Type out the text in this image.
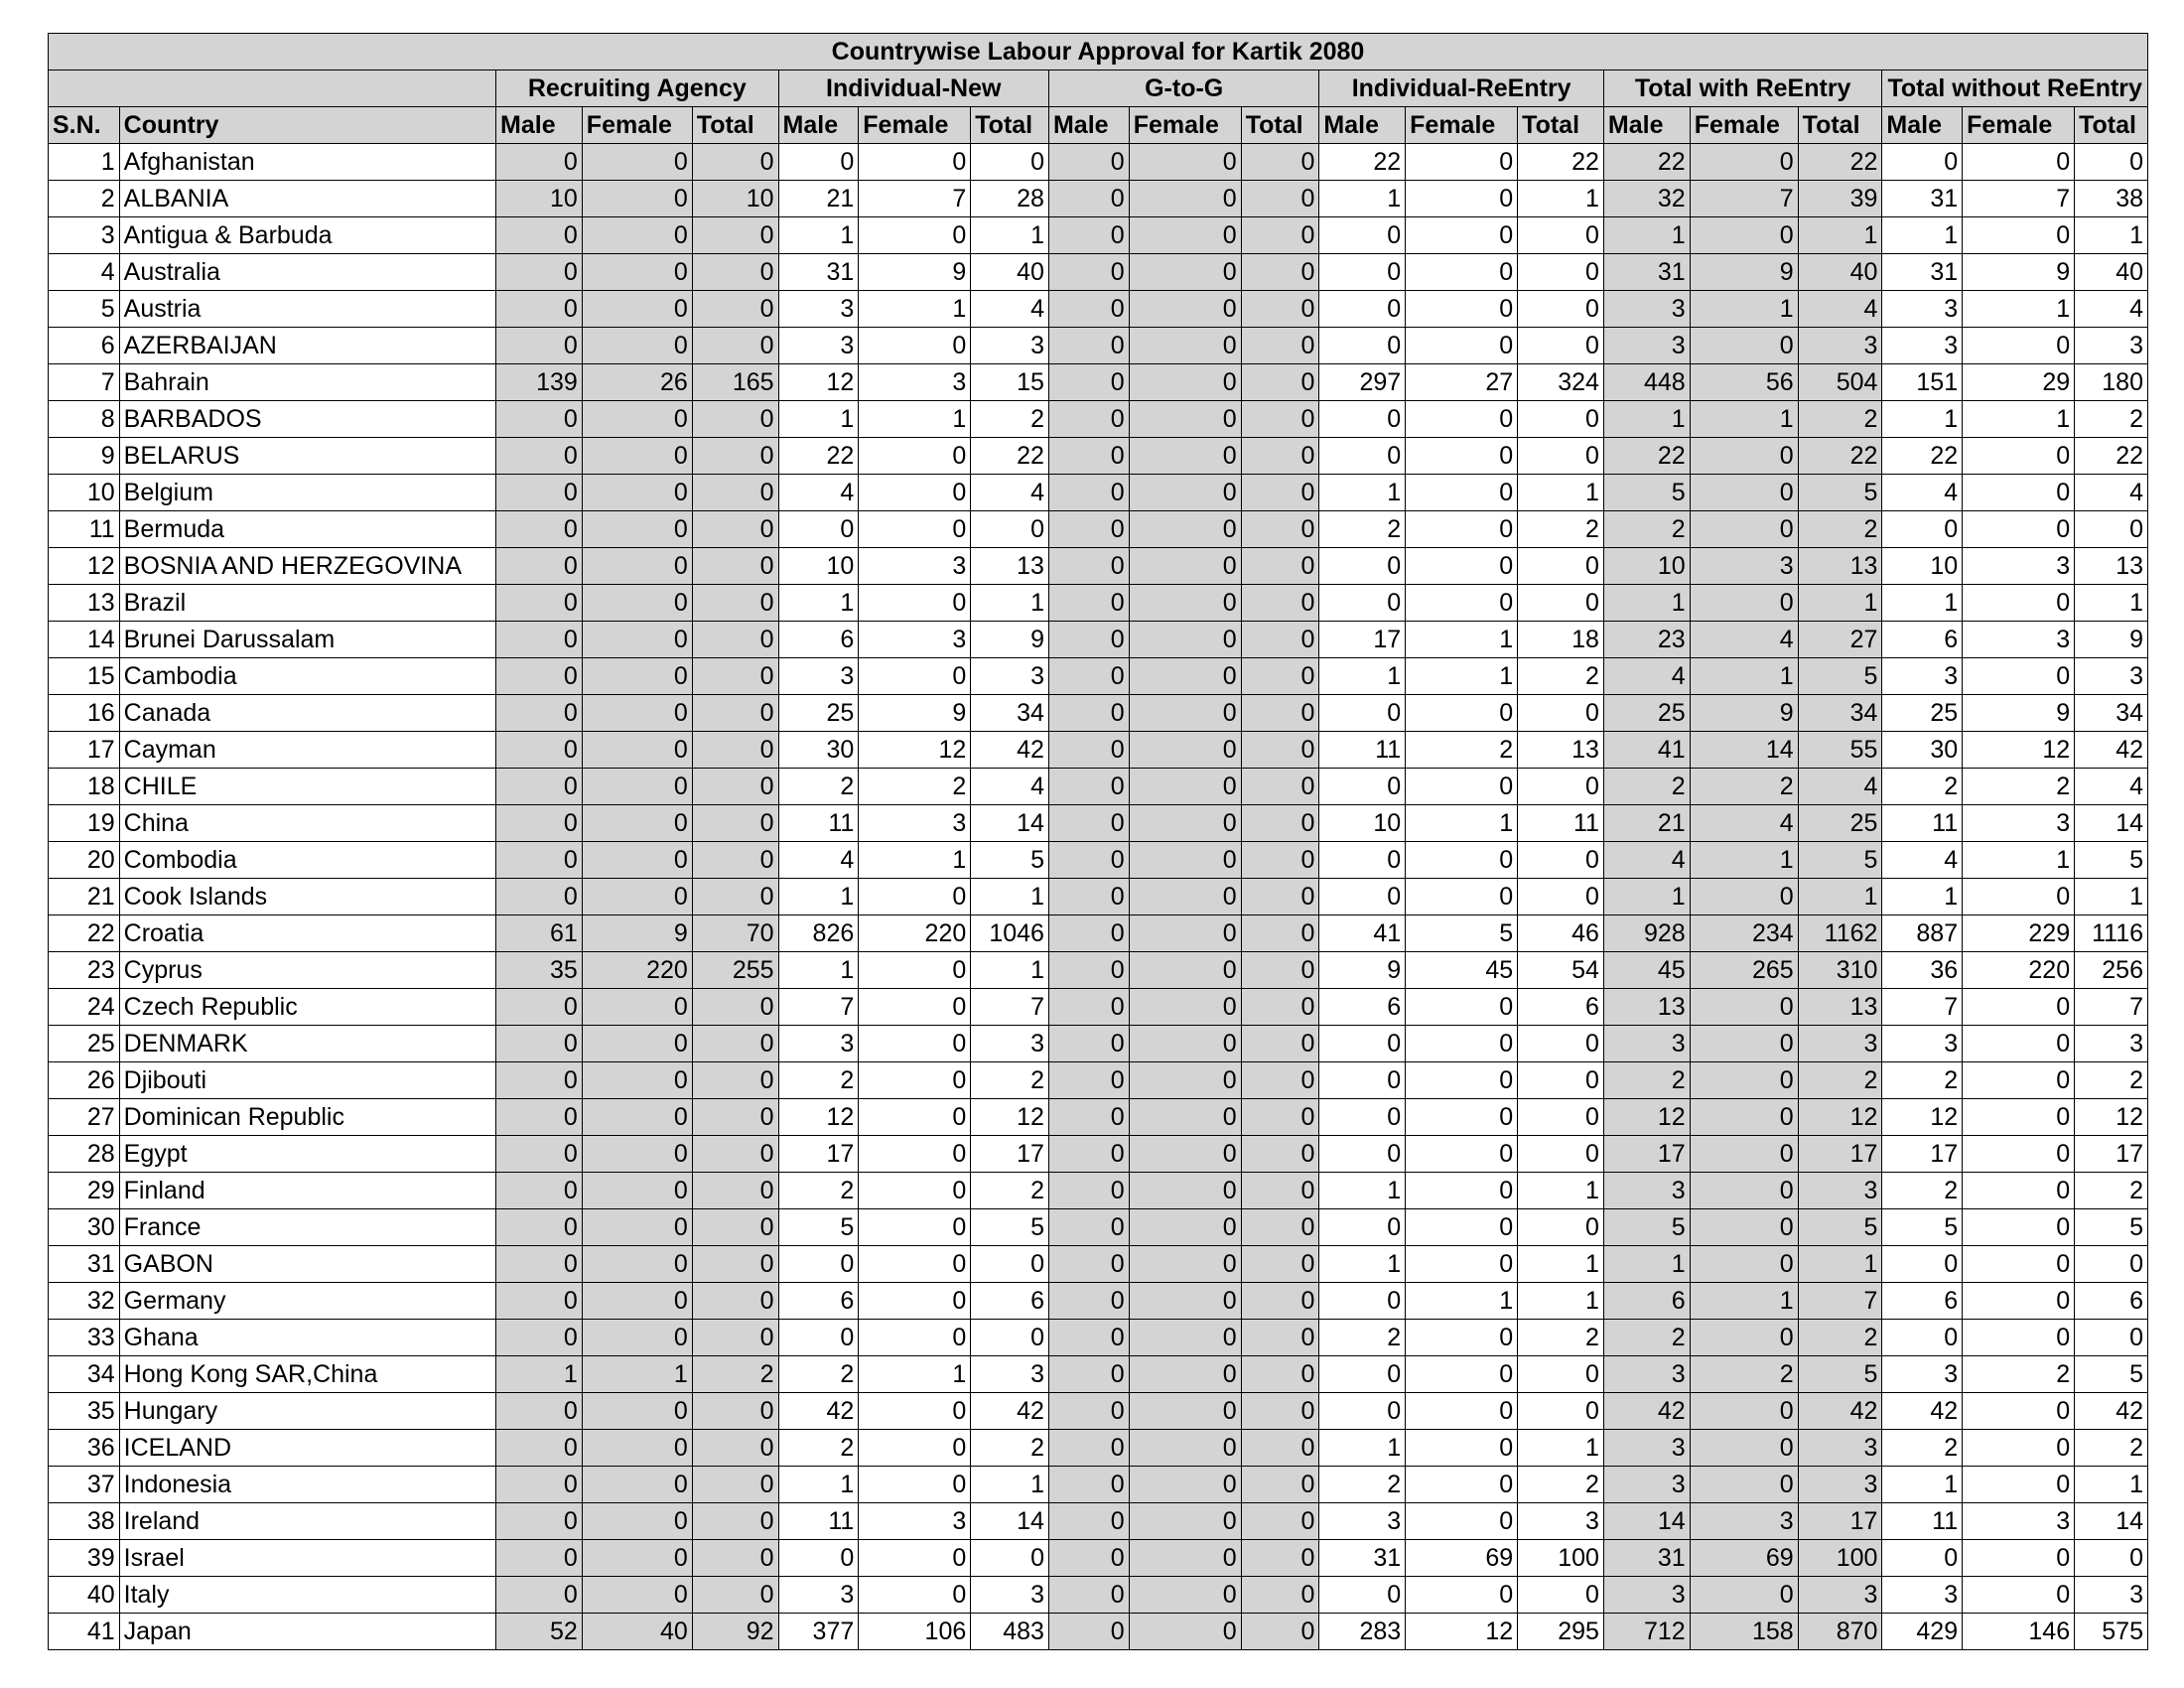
Countrywise Labour Approval for Kartik 2080																			
		Recruiting Agency			Individual-New			G-to-G			Individual-ReEntry			Total with ReEntry			Total without ReEntry		
S.N.	Country	Male	Female	Total	Male	Female	Total	Male	Female	Total	Male	Female	Total	Male	Female	Total	Male	Female	Total
1	Afghanistan	0	0	0	0	0	0	0	0	0	22	0	22	22	0	22	0	0	0
2	ALBANIA	10	0	10	21	7	28	0	0	0	1	0	1	32	7	39	31	7	38
3	Antigua & Barbuda	0	0	0	1	0	1	0	0	0	0	0	0	1	0	1	1	0	1
4	Australia	0	0	0	31	9	40	0	0	0	0	0	0	31	9	40	31	9	40
5	Austria	0	0	0	3	1	4	0	0	0	0	0	0	3	1	4	3	1	4
6	AZERBAIJAN	0	0	0	3	0	3	0	0	0	0	0	0	3	0	3	3	0	3
7	Bahrain	139	26	165	12	3	15	0	0	0	297	27	324	448	56	504	151	29	180
8	BARBADOS	0	0	0	1	1	2	0	0	0	0	0	0	1	1	2	1	1	2
9	BELARUS	0	0	0	22	0	22	0	0	0	0	0	0	22	0	22	22	0	22
10	Belgium	0	0	0	4	0	4	0	0	0	1	0	1	5	0	5	4	0	4
11	Bermuda	0	0	0	0	0	0	0	0	0	2	0	2	2	0	2	0	0	0
12	BOSNIA AND HERZEGOVINA	0	0	0	10	3	13	0	0	0	0	0	0	10	3	13	10	3	13
13	Brazil	0	0	0	1	0	1	0	0	0	0	0	0	1	0	1	1	0	1
14	Brunei Darussalam	0	0	0	6	3	9	0	0	0	17	1	18	23	4	27	6	3	9
15	Cambodia	0	0	0	3	0	3	0	0	0	1	1	2	4	1	5	3	0	3
16	Canada	0	0	0	25	9	34	0	0	0	0	0	0	25	9	34	25	9	34
17	Cayman	0	0	0	30	12	42	0	0	0	11	2	13	41	14	55	30	12	42
18	CHILE	0	0	0	2	2	4	0	0	0	0	0	0	2	2	4	2	2	4
19	China	0	0	0	11	3	14	0	0	0	10	1	11	21	4	25	11	3	14
20	Combodia	0	0	0	4	1	5	0	0	0	0	0	0	4	1	5	4	1	5
21	Cook Islands	0	0	0	1	0	1	0	0	0	0	0	0	1	0	1	1	0	1
22	Croatia	61	9	70	826	220	1046	0	0	0	41	5	46	928	234	1162	887	229	1116
23	Cyprus	35	220	255	1	0	1	0	0	0	9	45	54	45	265	310	36	220	256
24	Czech Republic	0	0	0	7	0	7	0	0	0	6	0	6	13	0	13	7	0	7
25	DENMARK	0	0	0	3	0	3	0	0	0	0	0	0	3	0	3	3	0	3
26	Djibouti	0	0	0	2	0	2	0	0	0	0	0	0	2	0	2	2	0	2
27	Dominican Republic	0	0	0	12	0	12	0	0	0	0	0	0	12	0	12	12	0	12
28	Egypt	0	0	0	17	0	17	0	0	0	0	0	0	17	0	17	17	0	17
29	Finland	0	0	0	2	0	2	0	0	0	1	0	1	3	0	3	2	0	2
30	France	0	0	0	5	0	5	0	0	0	0	0	0	5	0	5	5	0	5
31	GABON	0	0	0	0	0	0	0	0	0	1	0	1	1	0	1	0	0	0
32	Germany	0	0	0	6	0	6	0	0	0	0	1	1	6	1	7	6	0	6
33	Ghana	0	0	0	0	0	0	0	0	0	2	0	2	2	0	2	0	0	0
34	Hong Kong SAR,China	1	1	2	2	1	3	0	0	0	0	0	0	3	2	5	3	2	5
35	Hungary	0	0	0	42	0	42	0	0	0	0	0	0	42	0	42	42	0	42
36	ICELAND	0	0	0	2	0	2	0	0	0	1	0	1	3	0	3	2	0	2
37	Indonesia	0	0	0	1	0	1	0	0	0	2	0	2	3	0	3	1	0	1
38	Ireland	0	0	0	11	3	14	0	0	0	3	0	3	14	3	17	11	3	14
39	Israel	0	0	0	0	0	0	0	0	0	31	69	100	31	69	100	0	0	0
40	Italy	0	0	0	3	0	3	0	0	0	0	0	0	3	0	3	3	0	3
41	Japan	52	40	92	377	106	483	0	0	0	283	12	295	712	158	870	429	146	575
